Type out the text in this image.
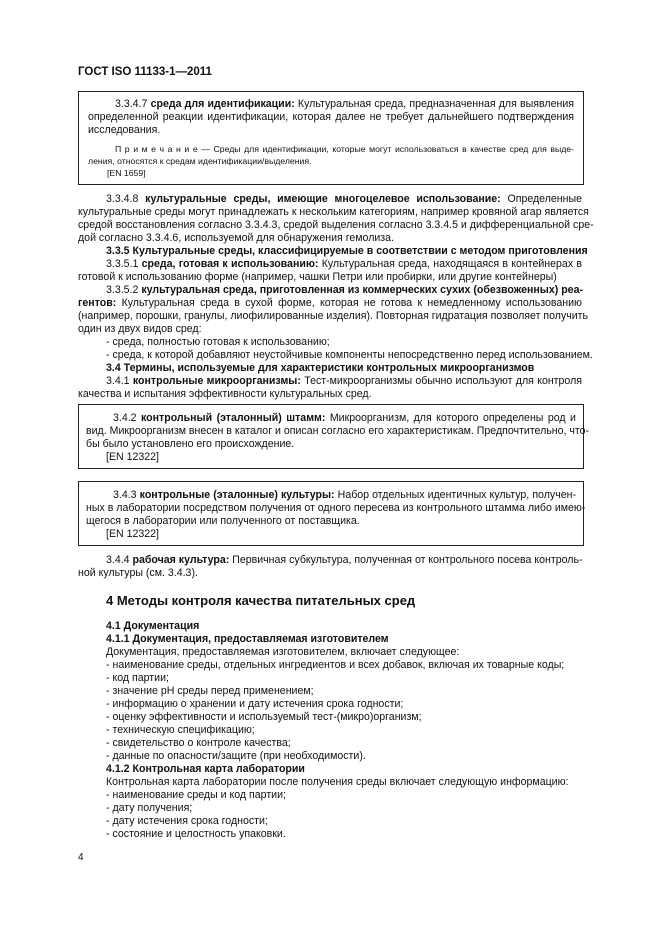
ГОСТ ISO 11133-1—2011
3.3.4.7 среда для идентификации: Культуральная среда, предназначенная для выявления
определенной реакции идентификации, которая далее не требует дальнейшего подтверждения
исследования.
П р и м е ч а н и е — Среды для идентификации, которые могут использоваться в качестве сред для выде-
ления, относятся к средам идентификации/выделения.
[EN 1659]
3.3.4.8 культуральные среды, имеющие многоцелевое использование: Определенные
культуральные среды могут принадлежать к нескольким категориям, например кровяной агар является
средой восстановления согласно 3.3.4.3, средой выделения согласно 3.3.4.5 и дифференциальной сре-
дой согласно 3.3.4.6, используемой для обнаружения гемолиза.
3.3.5 Культуральные среды, классифицируемые в соответствии с методом приготовления
3.3.5.1 среда, готовая к использованию: Культуральная среда, находящаяся в контейнерах в
готовой к использованию форме (например, чашки Петри или пробирки, или другие контейнеры)
3.3.5.2 культуральная среда, приготовленная из коммерческих сухих (обезвоженных) реа-
гентов: Культуральная среда в сухой форме, которая не готова к немедленному использованию
(например, порошки, гранулы, лиофилированные изделия). Повторная гидратация позволяет получить
один из двух видов сред:
- среда, полностью готовая к использованию;
- среда, к которой добавляют неустойчивые компоненты непосредственно перед использованием.
3.4 Термины, используемые для характеристики контрольных микроорганизмов
3.4.1 контрольные микроорганизмы: Тест-микроорганизмы обычно используют для контроля
качества и испытания эффективности культуральных сред.
3.4.2 контрольный (эталонный) штамм: Микроорганизм, для которого определены род и
вид. Микроорганизм внесен в каталог и описан согласно его характеристикам. Предпочтительно, что-
бы было установлено его происхождение.
[EN 12322]
3.4.3 контрольные (эталонные) культуры: Набор отдельных идентичных культур, получен-
ных в лаборатории посредством получения от одного пересева из контрольного штамма либо имею-
щегося в лаборатории или полученного от поставщика.
[EN 12322]
3.4.4 рабочая культура: Первичная субкультура, полученная от контрольного посева контроль-
ной культуры (см. 3.4.3).
4 Методы контроля качества питательных сред
4.1 Документация
4.1.1 Документация, предоставляемая изготовителем
Документация, предоставляемая изготовителем, включает следующее:
- наименование среды, отдельных ингредиентов и всех добавок, включая их товарные коды;
- код партии;
- значение pH среды перед применением;
- информацию о хранении и дату истечения срока годности;
- оценку эффективности и используемый тест-(микро)организм;
- техническую спецификацию;
- свидетельство о контроле качества;
- данные по опасности/защите (при необходимости).
4.1.2 Контрольная карта лаборатории
Контрольная карта лаборатории после получения среды включает следующую информацию:
- наименование среды и код партии;
- дату получения;
- дату истечения срока годности;
- состояние и целостность упаковки.
4
